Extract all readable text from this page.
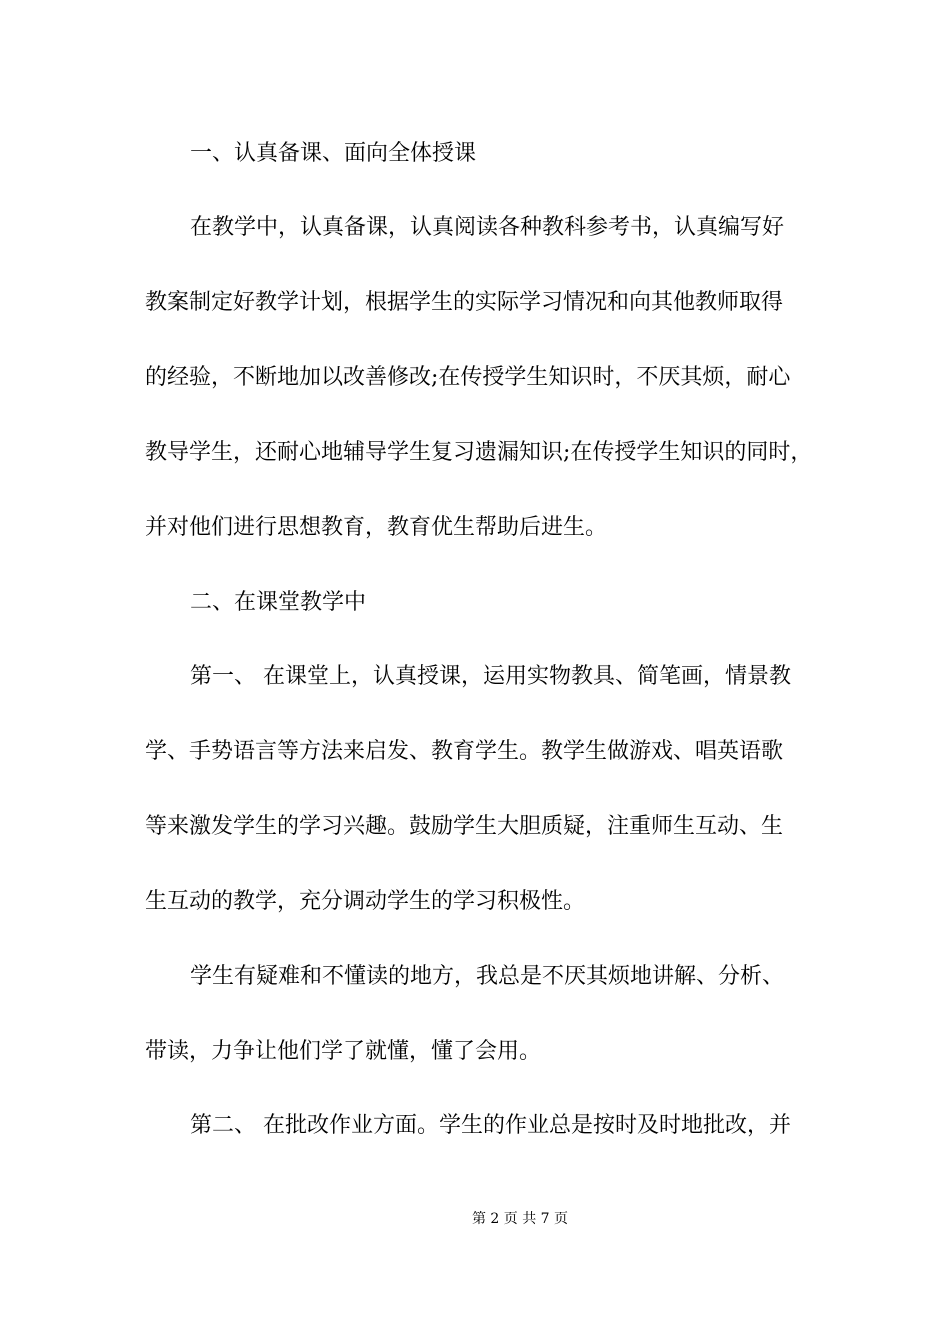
一、认真备课、面向全体授课
在教学中，认真备课，认真阅读各种教科参考书，认真编写好
教案制定好教学计划，根据学生的实际学习情况和向其他教师取得
的经验，不断地加以改善修改;在传授学生知识时，不厌其烦，耐心
教导学生，还耐心地辅导学生复习遗漏知识;在传授学生知识的同时，
并对他们进行思想教育，教育优生帮助后进生。
二、在课堂教学中
第一、 在课堂上，认真授课，运用实物教具、简笔画，情景教
学、手势语言等方法来启发、教育学生。教学生做游戏、唱英语歌
等来激发学生的学习兴趣。鼓励学生大胆质疑，注重师生互动、生
生互动的教学，充分调动学生的学习积极性。
学生有疑难和不懂读的地方，我总是不厌其烦地讲解、分析、
带读，力争让他们学了就懂，懂了会用。
第二、 在批改作业方面。学生的作业总是按时及时地批改，并
第 2 页 共 7 页
